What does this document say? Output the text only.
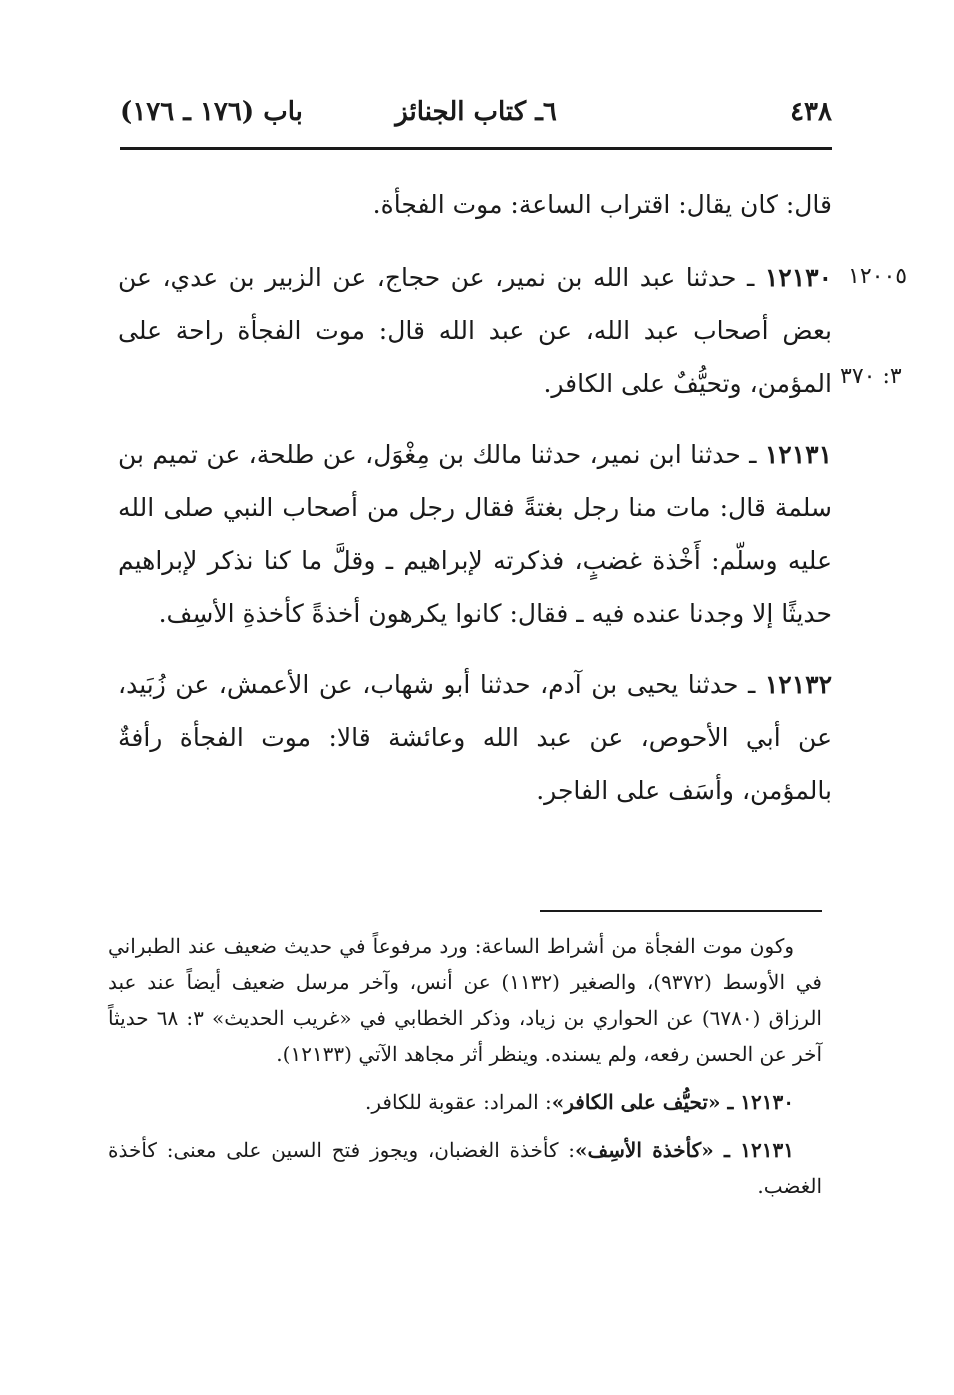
٤٣٨
٦ـ كتاب الجنائز
باب (١٧٦ ـ ١٧٦)
١٢٠٠٥
٣: ٣٧٠

قال: كان يقال: اقتراب الساعة: موت الفجأة.

١٢١٣٠ ـ حدثنا عبد الله بن نمير، عن حجاج، عن الزبير بن عدي، عن بعض أصحاب عبد الله، عن عبد الله قال: موت الفجأة راحة على المؤمن، وتحيُّفٌ على الكافر.

١٢١٣١ ـ حدثنا ابن نمير، حدثنا مالك بن مِغْوَل، عن طلحة، عن تميم بن سلمة قال: مات منا رجل بغتةً فقال رجل من أصحاب النبي صلى الله عليه وسلّم: أَخْذة غضبٍ، فذكرته لإبراهيم ـ وقلَّ ما كنا نذكر لإبراهيم حديثًا إلا وجدنا عنده فيه ـ فقال: كانوا يكرهون أخذةً كأخذةِ الأسِف.

١٢١٣٢ ـ حدثنا يحيى بن آدم، حدثنا أبو شهاب، عن الأعمش، عن زُبَيد، عن أبي الأحوص، عن عبد الله وعائشة قالا: موت الفجأة رأفةٌ بالمؤمن، وأسَف على الفاجر.

وكون موت الفجأة من أشراط الساعة: ورد مرفوعاً في حديث ضعيف عند الطبراني في الأوسط (٩٣٧٢)، والصغير (١١٣٢) عن أنس، وآخر مرسل ضعيف أيضاً عند عبد الرزاق (٦٧٨٠) عن الحواري بن زياد، وذكر الخطابي في «غريب الحديث» ٣: ٦٨ حديثاً آخر عن الحسن رفعه، ولم يسنده. وينظر أثر مجاهد الآتي (١٢١٣٣).

١٢١٣٠ ـ «تحيُّف على الكافر»: المراد: عقوبة للكافر.

١٢١٣١ ـ «كأخذة الأسِف»: كأخذة الغضبان، ويجوز فتح السين على معنى: كأخذة الغضب.
